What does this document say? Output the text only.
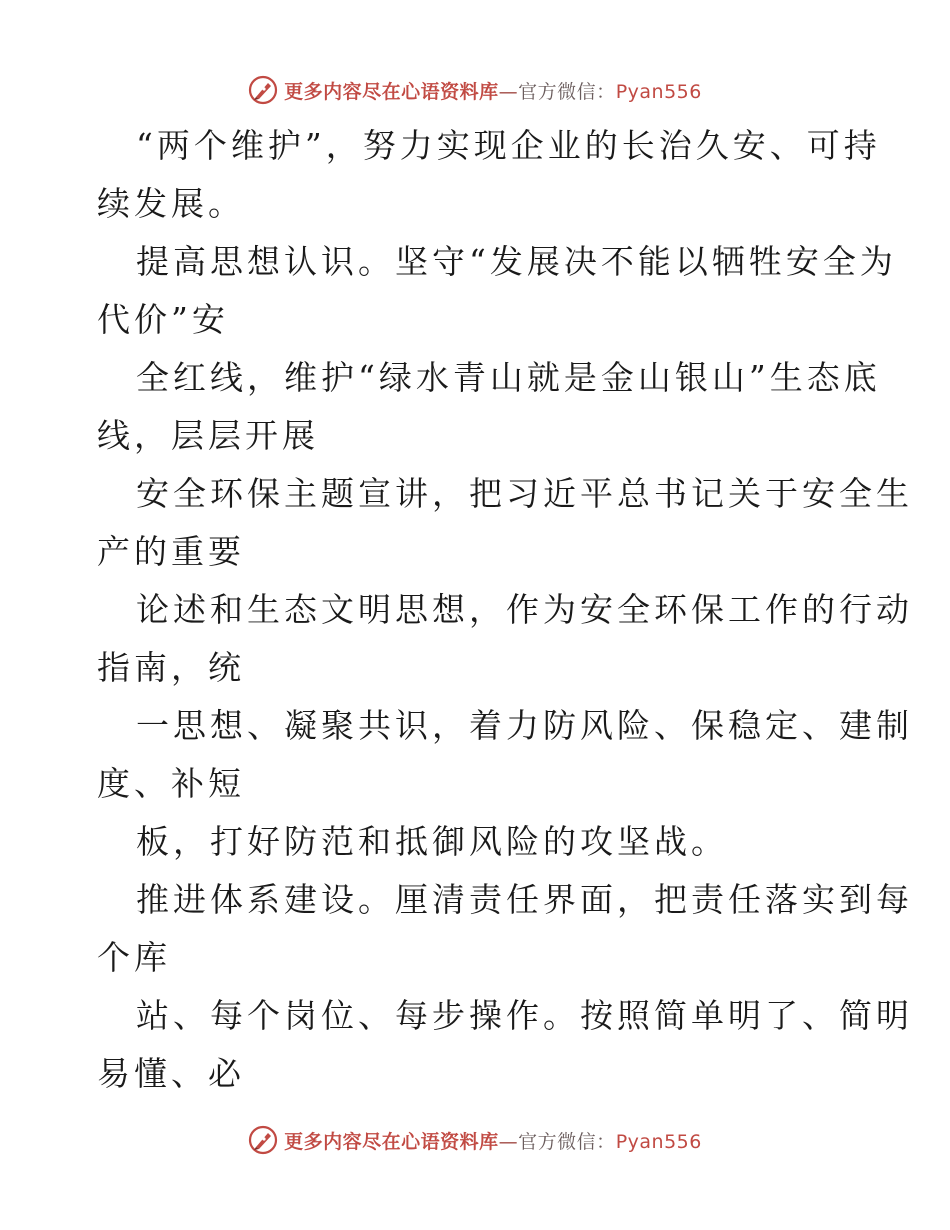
更多内容尽在心语资料库—官方微信：Pyan556
“两个维护”，努力实现企业的长治久安、可持
续发展。
提高思想认识。坚守“发展决不能以牺牲安全为
代价”安
全红线，维护“绿水青山就是金山银山”生态底
线，层层开展
安全环保主题宣讲，把习近平总书记关于安全生
产的重要
论述和生态文明思想，作为安全环保工作的行动
指南，统
一思想、凝聚共识，着力防风险、保稳定、建制
度、补短
板，打好防范和抵御风险的攻坚战。
推进体系建设。厘清责任界面，把责任落实到每
个库
站、每个岗位、每步操作。按照简单明了、简明
易懂、必
更多内容尽在心语资料库—官方微信：Pyan556
